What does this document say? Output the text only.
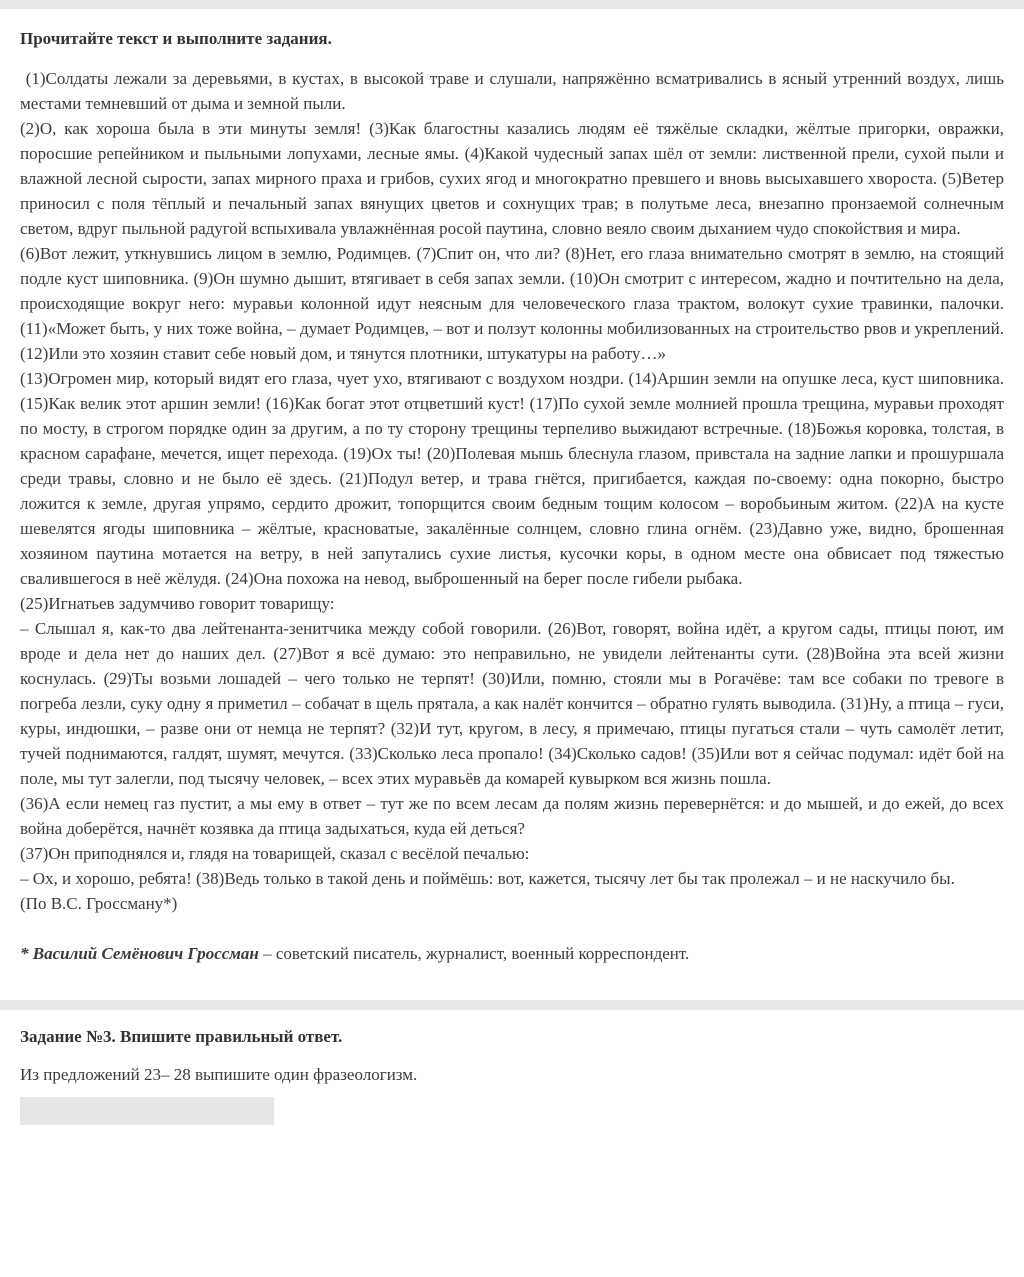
Прочитайте текст и выполните задания.

(1)Солдаты лежали за деревьями, в кустах, в высокой траве и слушали, напряжённо всматривались в ясный утренний воздух, лишь местами темневший от дыма и земной пыли.

(2)О, как хороша была в эти минуты земля! (3)Как благостны казались людям её тяжёлые складки, жёлтые пригорки, овражки, поросшие репейником и пыльными лопухами, лесные ямы. (4)Какой чудесный запах шёл от земли: лиственной прели, сухой пыли и влажной лесной сырости, запах мирного праха и грибов, сухих ягод и многократно превшего и вновь высыхавшего хвороста. (5)Ветер приносил с поля тёплый и печальный запах вянущих цветов и сохнущих трав; в полутьме леса, внезапно пронзаемой солнечным светом, вдруг пыльной радугой вспыхивала увлажнённая росой паутина, словно веяло своим дыханием чудо спокойствия и мира.

(6)Вот лежит, уткнувшись лицом в землю, Родимцев. (7)Спит он, что ли? (8)Нет, его глаза внимательно смотрят в землю, на стоящий подле куст шиповника. (9)Он шумно дышит, втягивает в себя запах земли. (10)Он смотрит с интересом, жадно и почтительно на дела, происходящие вокруг него: муравьи колонной идут неясным для человеческого глаза трактом, волокут сухие травинки, палочки. (11)«Может быть, у них тоже война, – думает Родимцев, – вот и ползут колонны мобилизованных на строительство рвов и укреплений. (12)Или это хозяин ставит себе новый дом, и тянутся плотники, штукатуры на работу…»

(13)Огромен мир, который видят его глаза, чует ухо, втягивают с воздухом ноздри. (14)Аршин земли на опушке леса, куст шиповника. (15)Как велик этот аршин земли! (16)Как богат этот отцветший куст! (17)По сухой земле молнией прошла трещина, муравьи проходят по мосту, в строгом порядке один за другим, а по ту сторону трещины терпеливо выжидают встречные. (18)Божья коровка, толстая, в красном сарафане, мечется, ищет перехода. (19)Ох ты! (20)Полевая мышь блеснула глазом, привстала на задние лапки и прошуршала среди травы, словно и не было её здесь. (21)Подул ветер, и трава гнётся, пригибается, каждая по-своему: одна покорно, быстро ложится к земле, другая упрямо, сердито дрожит, топорщится своим бедным тощим колосом – воробьиным житом. (22)А на кусте шевелятся ягоды шиповника – жёлтые, красноватые, закалённые солнцем, словно глина огнём. (23)Давно уже, видно, брошенная хозяином паутина мотается на ветру, в ней запутались сухие листья, кусочки коры, в одном месте она обвисает под тяжестью свалившегося в неё жёлудя. (24)Она похожа на невод, выброшенный на берег после гибели рыбака.

(25)Игнатьев задумчиво говорит товарищу:

– Слышал я, как-то два лейтенанта-зенитчика между собой говорили. (26)Вот, говорят, война идёт, а кругом сады, птицы поют, им вроде и дела нет до наших дел. (27)Вот я всё думаю: это неправильно, не увидели лейтенанты сути. (28)Война эта всей жизни коснулась. (29)Ты возьми лошадей – чего только не терпят! (30)Или, помню, стояли мы в Рогачёве: там все собаки по тревоге в погреба лезли, суку одну я приметил – собачат в щель прятала, а как налёт кончится – обратно гулять выводила. (31)Ну, а птица – гуси, куры, индюшки, – разве они от немца не терпят? (32)И тут, кругом, в лесу, я примечаю, птицы пугаться стали – чуть самолёт летит, тучей поднимаются, галдят, шумят, мечутся. (33)Сколько леса пропало! (34)Сколько садов! (35)Или вот я сейчас подумал: идёт бой на поле, мы тут залегли, под тысячу человек, – всех этих муравьёв да комарей кувырком вся жизнь пошла.

(36)А если немец газ пустит, а мы ему в ответ – тут же по всем лесам да полям жизнь перевернётся: и до мышей, и до ежей, до всех война доберётся, начнёт козявка да птица задыхаться, куда ей деться?

(37)Он приподнялся и, глядя на товарищей, сказал с весёлой печалью:

– Ох, и хорошо, ребята! (38)Ведь только в такой день и поймёшь: вот, кажется, тысячу лет бы так пролежал – и не наскучило бы.

(По В.С. Гроссману*)

* Василий Семёнович Гроссман – советский писатель, журналист, военный корреспондент.
Задание №3. Впишите правильный ответ.
Из предложений 23– 28 выпишите один фразеологизм.
